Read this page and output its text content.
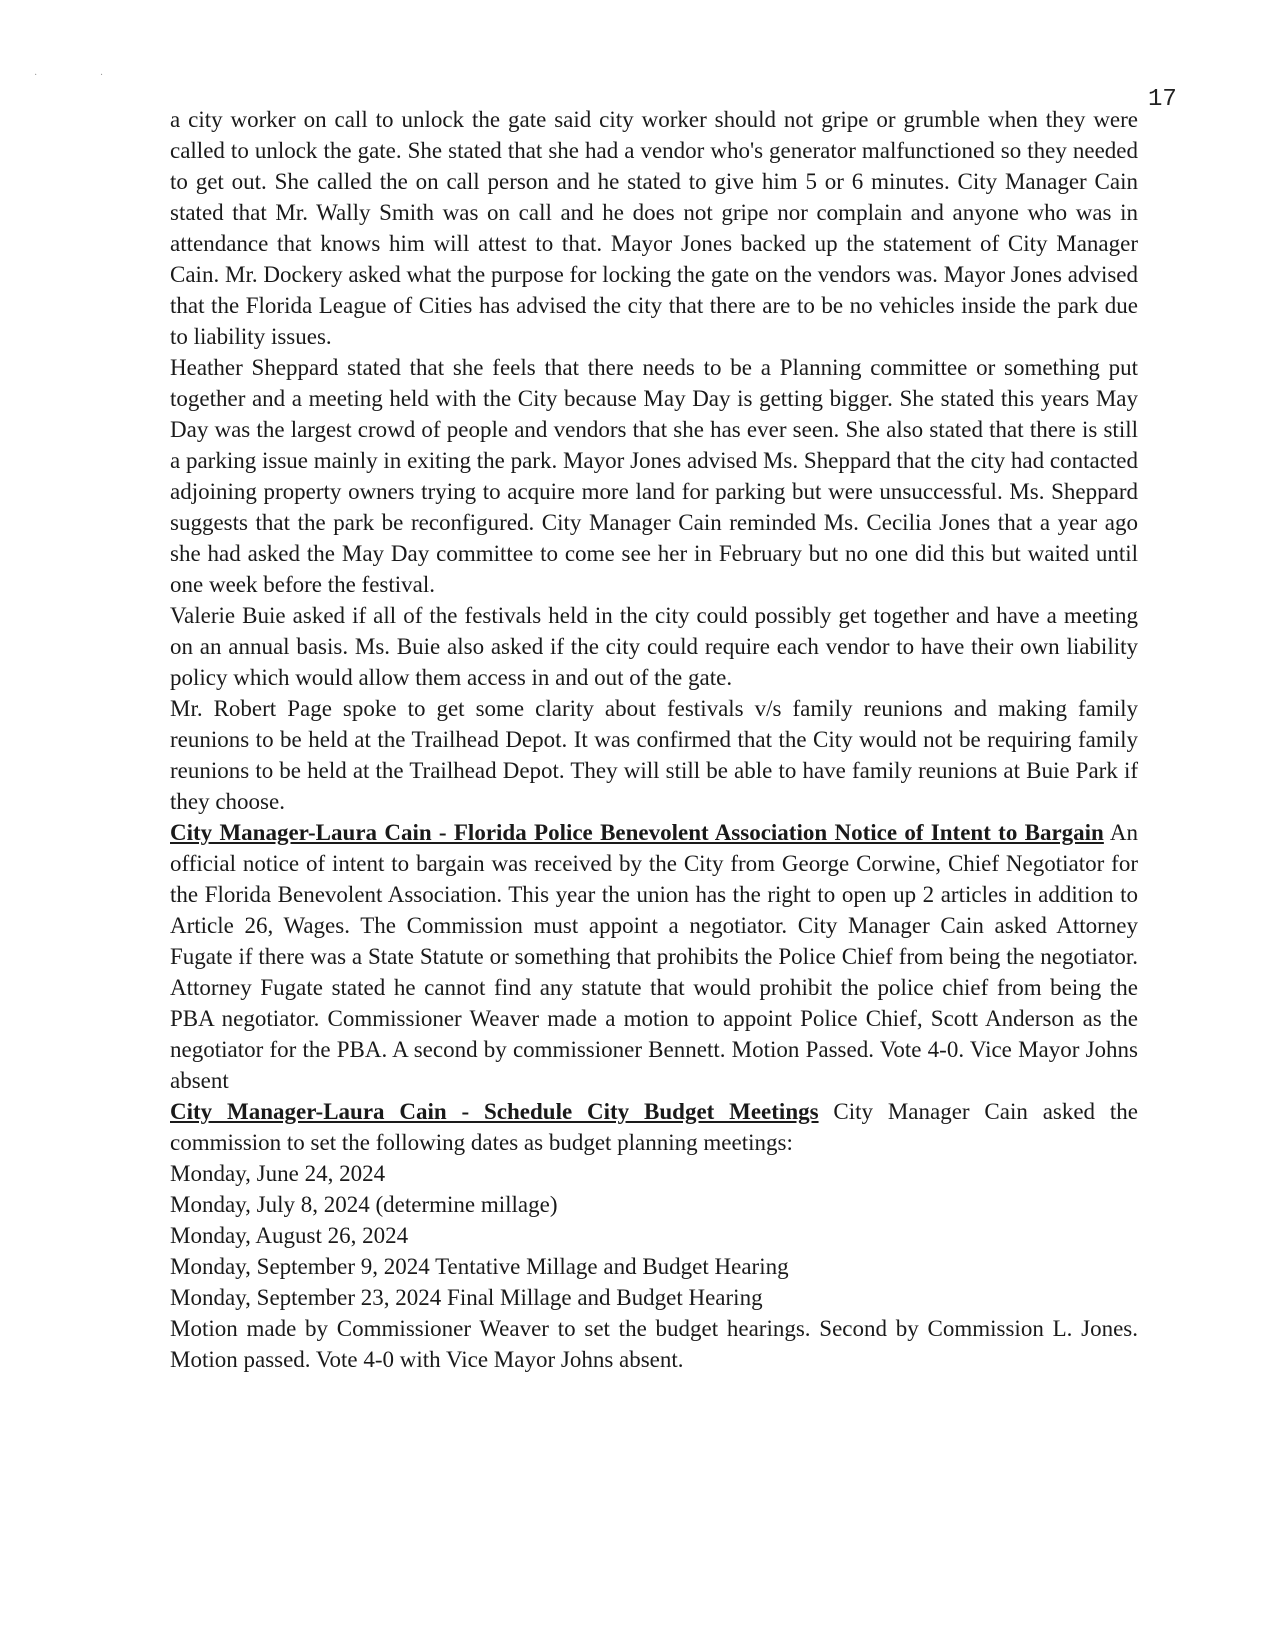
· ·
17

a city worker on call to unlock the gate said city worker should not gripe or grumble when they were called to unlock the gate. She stated that she had a vendor who's generator malfunctioned so they needed to get out. She called the on call person and he stated to give him 5 or 6 minutes. City Manager Cain stated that Mr. Wally Smith was on call and he does not gripe nor complain and anyone who was in attendance that knows him will attest to that. Mayor Jones backed up the statement of City Manager Cain. Mr. Dockery asked what the purpose for locking the gate on the vendors was. Mayor Jones advised that the Florida League of Cities has advised the city that there are to be no vehicles inside the park due to liability issues.

Heather Sheppard stated that she feels that there needs to be a Planning committee or something put together and a meeting held with the City because May Day is getting bigger. She stated this years May Day was the largest crowd of people and vendors that she has ever seen. She also stated that there is still a parking issue mainly in exiting the park. Mayor Jones advised Ms. Sheppard that the city had contacted adjoining property owners trying to acquire more land for parking but were unsuccessful. Ms. Sheppard suggests that the park be reconfigured. City Manager Cain reminded Ms. Cecilia Jones that a year ago she had asked the May Day committee to come see her in February but no one did this but waited until one week before the festival.

Valerie Buie asked if all of the festivals held in the city could possibly get together and have a meeting on an annual basis. Ms. Buie also asked if the city could require each vendor to have their own liability policy which would allow them access in and out of the gate.

Mr. Robert Page spoke to get some clarity about festivals v/s family reunions and making family reunions to be held at the Trailhead Depot. It was confirmed that the City would not be requiring family reunions to be held at the Trailhead Depot. They will still be able to have family reunions at Buie Park if they choose.

City Manager-Laura Cain - Florida Police Benevolent Association Notice of Intent to Bargain An official notice of intent to bargain was received by the City from George Corwine, Chief Negotiator for the Florida Benevolent Association. This year the union has the right to open up 2 articles in addition to Article 26, Wages. The Commission must appoint a negotiator. City Manager Cain asked Attorney Fugate if there was a State Statute or something that prohibits the Police Chief from being the negotiator. Attorney Fugate stated he cannot find any statute that would prohibit the police chief from being the PBA negotiator. Commissioner Weaver made a motion to appoint Police Chief, Scott Anderson as the negotiator for the PBA. A second by commissioner Bennett. Motion Passed. Vote 4-0. Vice Mayor Johns absent

City Manager-Laura Cain - Schedule City Budget Meetings City Manager Cain asked the commission to set the following dates as budget planning meetings:

Monday, June 24, 2024

Monday, July 8, 2024 (determine millage)

Monday, August 26, 2024

Monday, September 9, 2024 Tentative Millage and Budget Hearing

Monday, September 23, 2024 Final Millage and Budget Hearing

Motion made by Commissioner Weaver to set the budget hearings. Second by Commission L. Jones. Motion passed. Vote 4-0 with Vice Mayor Johns absent.
